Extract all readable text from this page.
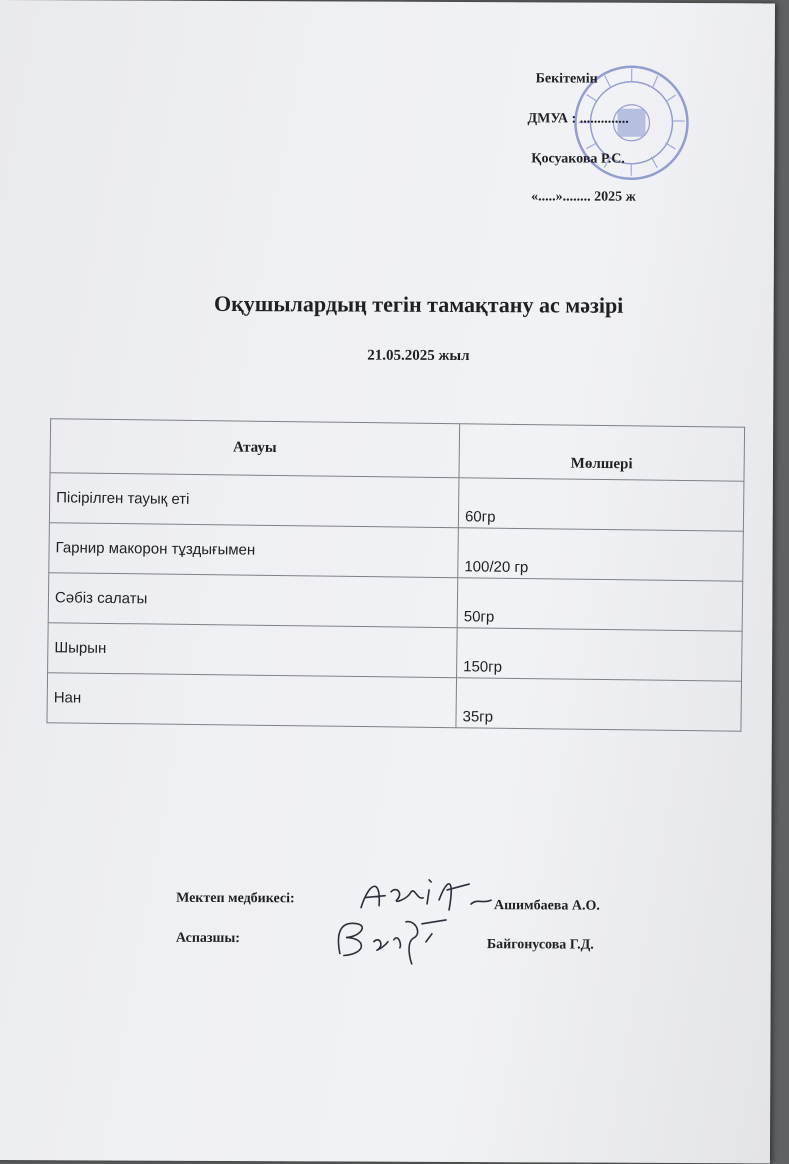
Бекітемін
ДМУА : ..............
Қосуакова Р.С.
«.....»........ 2025 ж
Оқушылардың тегін тамақтану ас мәзірі
21.05.2025 жыл
Атауы	Мөлшері
Пісірілген тауық еті	60гр
Гарнир макорон тұздығымен	100/20 гр
Сәбіз салаты	50гр
Шырын	150гр
Нан	35гр
Мектеп медбикесі:	Ашимбаева А.О.
Аспазшы:	Байгонусова Г.Д.
